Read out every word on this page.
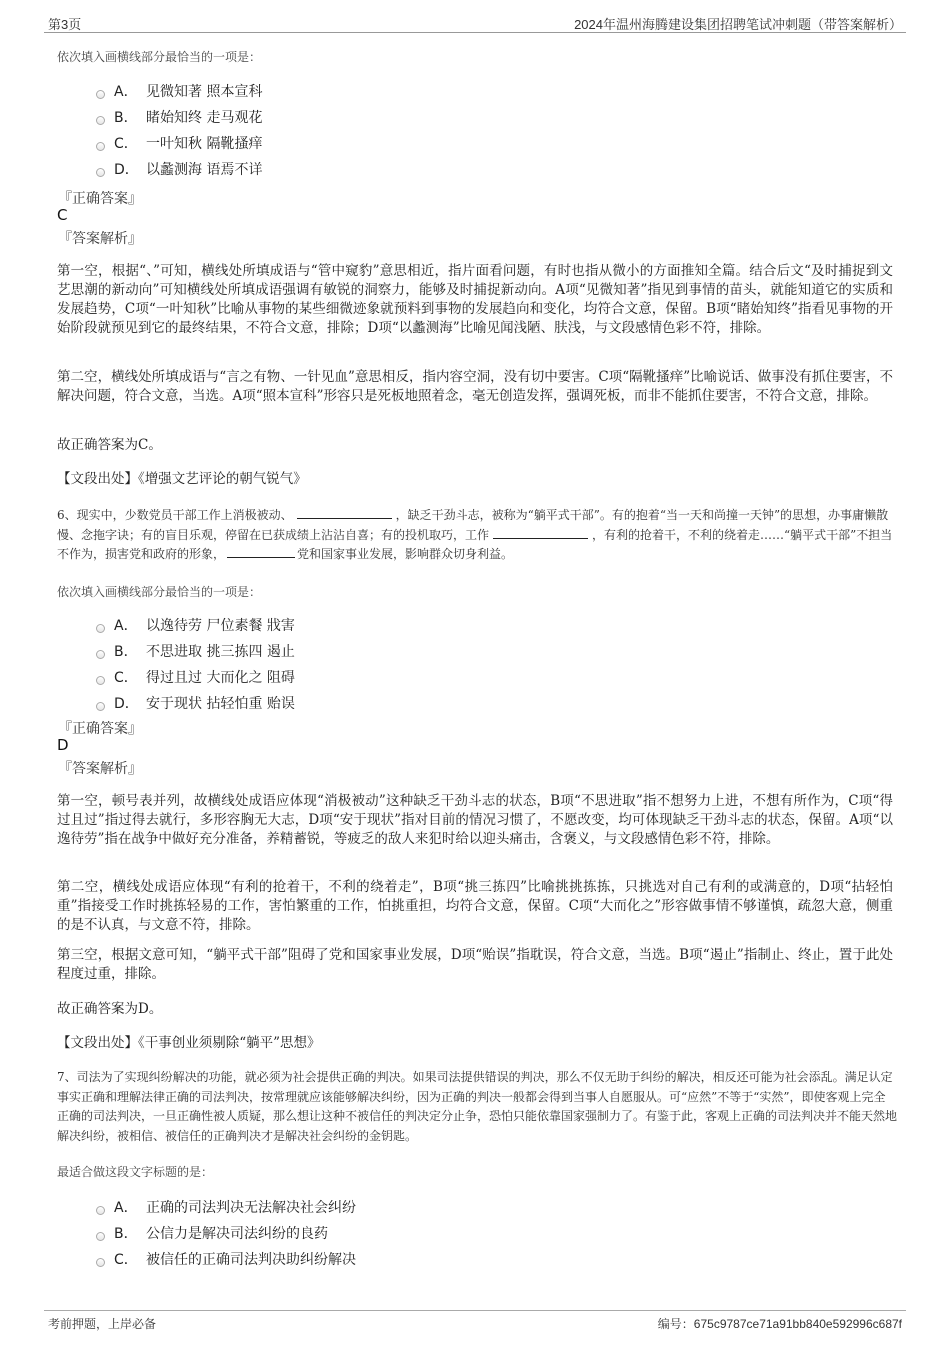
第3页	2024年温州海腾建设集团招聘笔试冲刺题（带答案解析）
依次填入画横线部分最恰当的一项是：
A． 见微知著 照本宣科
B． 睹始知终 走马观花
C． 一叶知秋 隔靴搔痒
D． 以蠡测海 语焉不详
『正确答案』
C
『答案解析』
第一空，根据“、”可知，横线处所填成语与“管中窥豹”意思相近，指片面看问题，有时也指从微小的方面推知全篇。结合后文“及时捕捉到文艺思潮的新动向”可知横线处所填成语强调有敏锐的洞察力，能够及时捕捉新动向。A项“见微知著”指见到事情的苗头，就能知道它的实质和发展趋势，C项“一叶知秋”比喻从事物的某些细微迹象就预料到事物的发展趋向和变化，均符合文意，保留。B项“睹始知终”指看见事物的开始阶段就预见到它的最终结果，不符合文意，排除；D项“以蠡测海”比喻见闻浅陋、肤浅，与文段感情色彩不符，排除。
第二空，横线处所填成语与“言之有物、一针见血”意思相反，指内容空洞，没有切中要害。C项“隔靴搔痒”比喻说话、做事没有抓住要害，不解决问题，符合文意，当选。A项“照本宣科”形容只是死板地照着念，毫无创造发挥，强调死板，而非不能抓住要害，不符合文意，排除。
故正确答案为C。
【文段出处】《增强文艺评论的朝气锐气》
6、现实中，少数党员干部工作上消极被动、	，缺乏干劲斗志，被称为“躺平式干部”。有的抱着“当一天和尚撞一天钟”的思想，办事庸懒散慢、念拖字诀；有的盲目乐观，停留在已获成绩上沾沾自喜；有的投机取巧，工作	，有利的抢着干，不利的绕着走……“躺平式干部”不担当不作为，损害党和政府的形象，	党和国家事业发展，影响群众切身利益。
依次填入画横线部分最恰当的一项是：
A． 以逸待劳 尸位素餐 戕害
B． 不思进取 挑三拣四 遏止
C． 得过且过 大而化之 阻碍
D． 安于现状 拈轻怕重 贻误
『正确答案』
D
『答案解析』
第一空，顿号表并列，故横线处成语应体现“消极被动”这种缺乏干劲斗志的状态，B项“不思进取”指不想努力上进，不想有所作为，C项“得过且过”指过得去就行，多形容胸无大志，D项“安于现状”指对目前的情况习惯了，不愿改变，均可体现缺乏干劲斗志的状态，保留。A项“以逸待劳”指在战争中做好充分准备，养精蓄锐，等疲乏的敌人来犯时给以迎头痛击，含褒义，与文段感情色彩不符，排除。
第二空，横线处成语应体现“有利的抢着干，不利的绕着走”，B项“挑三拣四”比喻挑挑拣拣，只挑选对自己有利的或满意的，D项“拈轻怕重”指接受工作时挑拣轻易的工作，害怕繁重的工作，怕挑重担，均符合文意，保留。C项“大而化之”形容做事情不够谨慎，疏忽大意，侧重的是不认真，与文意不符，排除。
第三空，根据文意可知，“躺平式干部”阻碍了党和国家事业发展，D项“贻误”指耽误，符合文意，当选。B项“遏止”指制止、终止，置于此处程度过重，排除。
故正确答案为D。
【文段出处】《干事创业须剔除“躺平”思想》
7、司法为了实现纠纷解决的功能，就必须为社会提供正确的判决。如果司法提供错误的判决，那么不仅无助于纠纷的解决，相反还可能为社会添乱。满足认定事实正确和理解法律正确的司法判决，按常理就应该能够解决纠纷，因为正确的判决一般都会得到当事人自愿服从。可“应然”不等于“实然”，即使客观上完全正确的司法判决，一旦正确性被人质疑，那么想让这种不被信任的判决定分止争，恐怕只能依靠国家强制力了。有鉴于此，客观上正确的司法判决并不能天然地解决纠纷，被相信、被信任的正确判决才是解决社会纠纷的金钥匙。
最适合做这段文字标题的是：
A． 正确的司法判决无法解决社会纠纷
B． 公信力是解决司法纠纷的良药
C． 被信任的正确司法判决助纠纷解决
考前押题，上岸必备	编号：675c9787ce71a91bb840e592996c687f
